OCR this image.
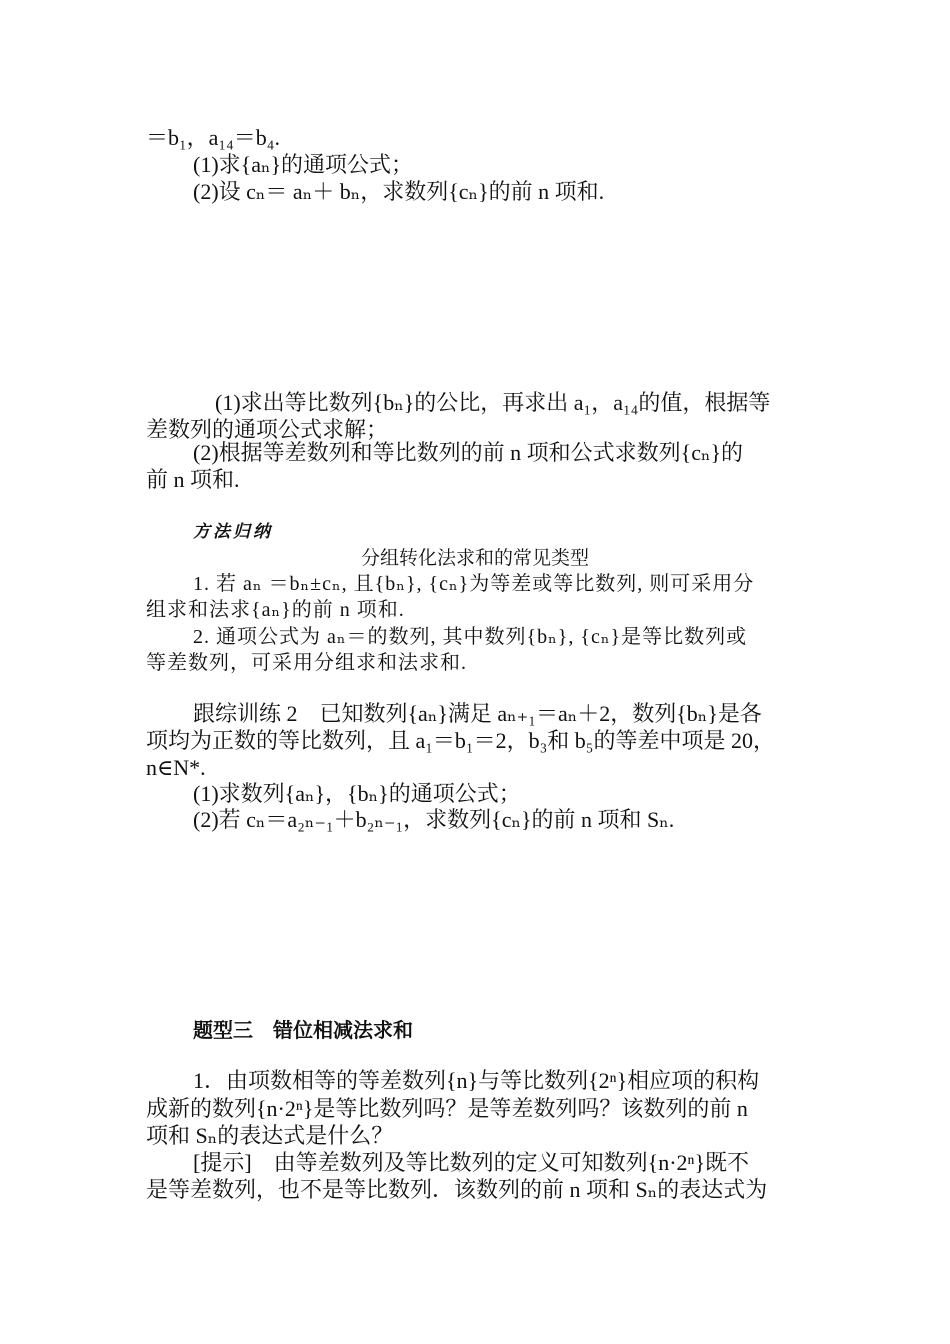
＝b₁，a₁₄＝b₄.
(1)求{aₙ}的通项公式；
(2)设 cₙ＝ aₙ＋ bₙ，求数列{cₙ}的前 n 项和.
(1)求出等比数列{bₙ}的公比，再求出 a₁，a₁₄的值，根据等
差数列的通项公式求解；
(2)根据等差数列和等比数列的前 n 项和公式求数列{cₙ}的
前 n 项和.
方法归纳
分组转化法求和的常见类型
1. 若 aₙ ＝bₙ±cₙ, 且{bₙ}, {cₙ}为等差或等比数列, 则可采用分
组求和法求{aₙ}的前 n 项和.
2. 通项公式为 aₙ＝的数列, 其中数列{bₙ}, {cₙ}是等比数列或
等差数列，可采用分组求和法求和.
跟综训练 2　已知数列{aₙ}满足 aₙ₊₁＝aₙ＋2，数列{bₙ}是各
项均为正数的等比数列，且 a₁＝b₁＝2，b₃和 b₅的等差中项是 20，
n∈N*.
(1)求数列{aₙ}，{bₙ}的通项公式；
(2)若 cₙ＝a₂ₙ₋₁＋b₂ₙ₋₁，求数列{cₙ}的前 n 项和 Sₙ.
题型三　错位相减法求和
1．由项数相等的等差数列{n}与等比数列{2ⁿ}相应项的积构
成新的数列{n·2ⁿ}是等比数列吗？是等差数列吗？该数列的前 n
项和 Sₙ的表达式是什么？
[提示]　由等差数列及等比数列的定义可知数列{n·2ⁿ}既不
是等差数列，也不是等比数列．该数列的前 n 项和 Sₙ的表达式为
